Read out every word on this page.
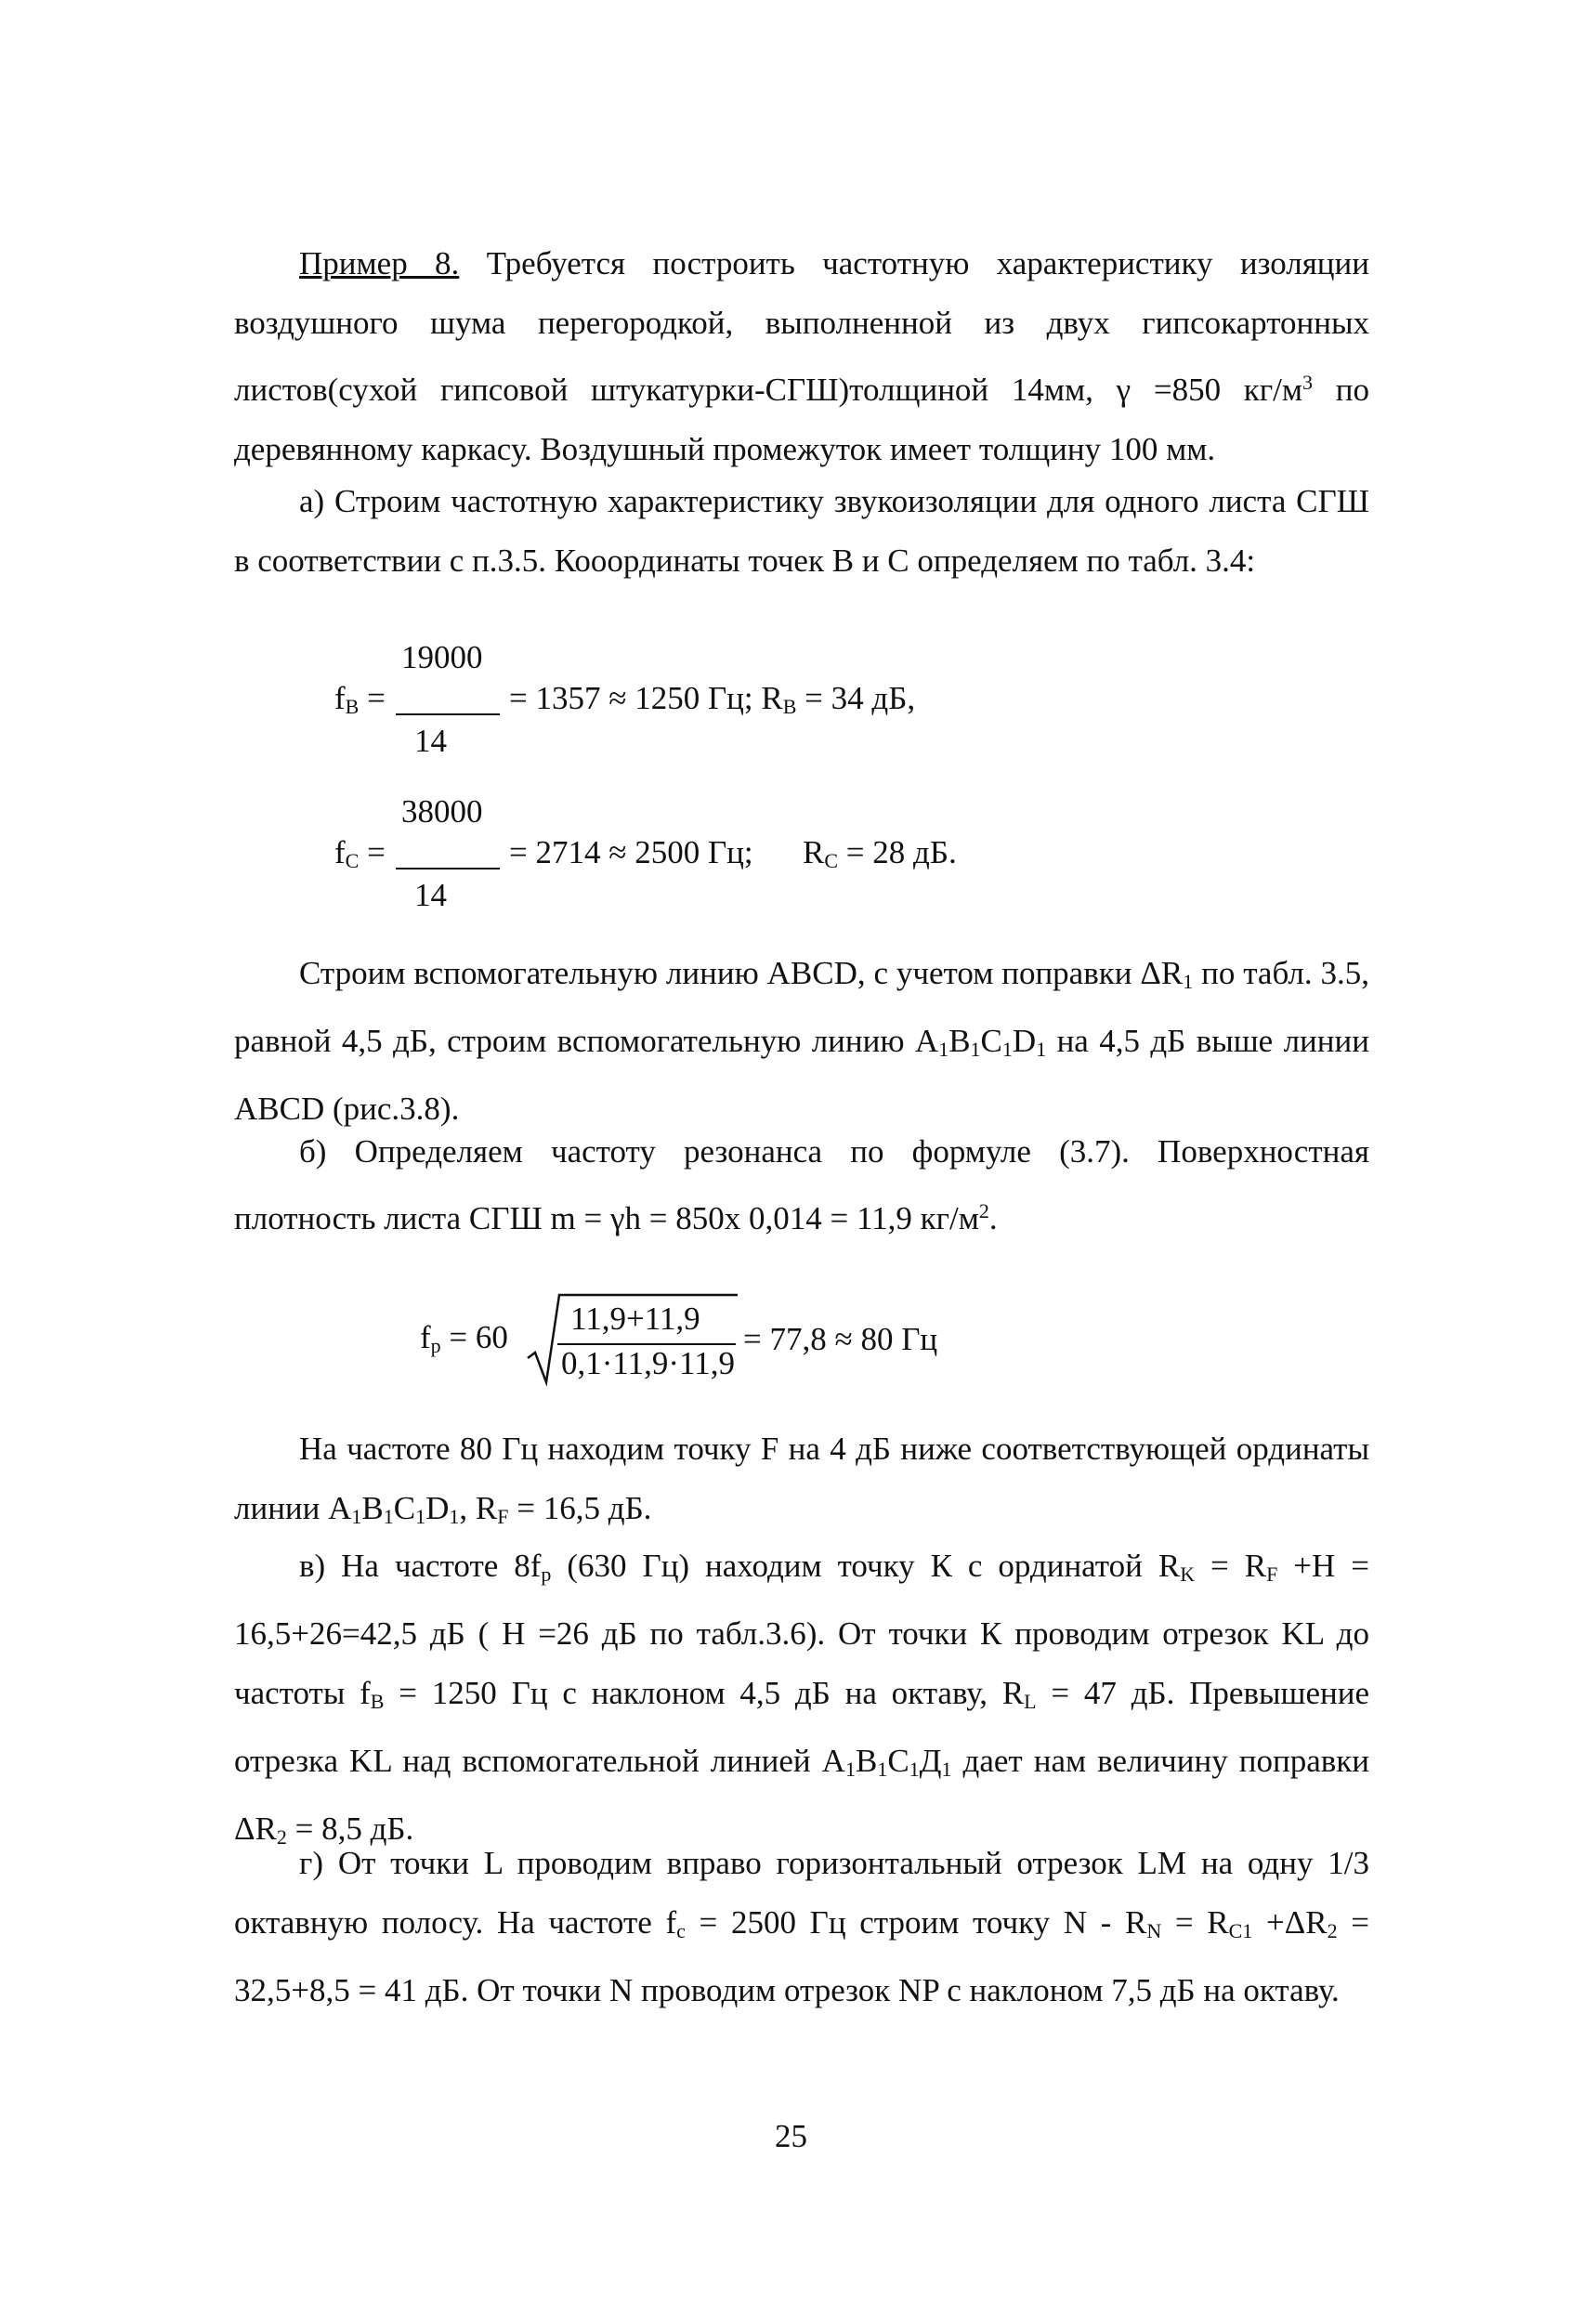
Пример 8. Требуется построить частотную характеристику изоляции воздушного шума перегородкой, выполненной из двух гипсокартонных листов(сухой гипсовой штукатурки-СГШ)толщиной 14мм, γ =850 $кг/м^3$ по деревянному каркасу. Воздушный промежуток имеет толщину 100 мм.

а) Строим частотную характеристику звукоизоляции для одного листа СГШ в соответствии с п.3.5. Кооординаты точек В и С определяем по табл. 3.4:

19000
$f_B$ =	= 1357 ≈ 1250 Гц; $R_B = 34$ дБ,
14
38000
$f_C$ =	= 2714 ≈ 2500 Гц; $R_C = 28$ дБ.
14

Строим вспомогательную линию ABCD, с учетом поправки $\Delta R_1$ по табл. 3.5, равной 4,5 дБ, строим вспомогательную линию $A_1B_1C_1D_1$ на 4,5 дБ выше линии ABCD (рис.3.8).

б) Определяем частоту резонанса по формуле (3.7). Поверхностная плотность листа СГШ m = γh = 850х 0,014 = 11,9 $кг/м^2$.

$f_р = 60$
11,9+11,9
0,1·11,9·11,9
= 77,8 ≈ 80 Гц

На частоте 80 Гц находим точку F на 4 дБ ниже соответствующей ординаты линии $A_1B_1C_1D_1$, $R_F = 16,5$ дБ.

в) На частоте $8f_р$ (630 Гц) находим точку К с ординатой $R_K = R_F +H = 16,5+26=42,5$ дБ ( H =26 дБ по табл.3.6). От точки К проводим отрезок KL до частоты $f_B = 1250$ Гц с наклоном 4,5 дБ на октаву, $R_L = 47$ дБ. Превышение отрезка KL над вспомогательной линией $A_1B_1C_1Д_1$ дает нам величину поправки $\Delta R_2 = 8,5$ дБ.

г) От точки L проводим вправо горизонтальный отрезок LM на одну 1/3 октавную полосу. На частоте $f_c = 2500$ Гц строим точку $N - R_N = R_{C1} +\Delta R_2 = 32,5+8,5 = 41$ дБ. От точки N проводим отрезок NP с наклоном 7,5 дБ на октаву.

25
